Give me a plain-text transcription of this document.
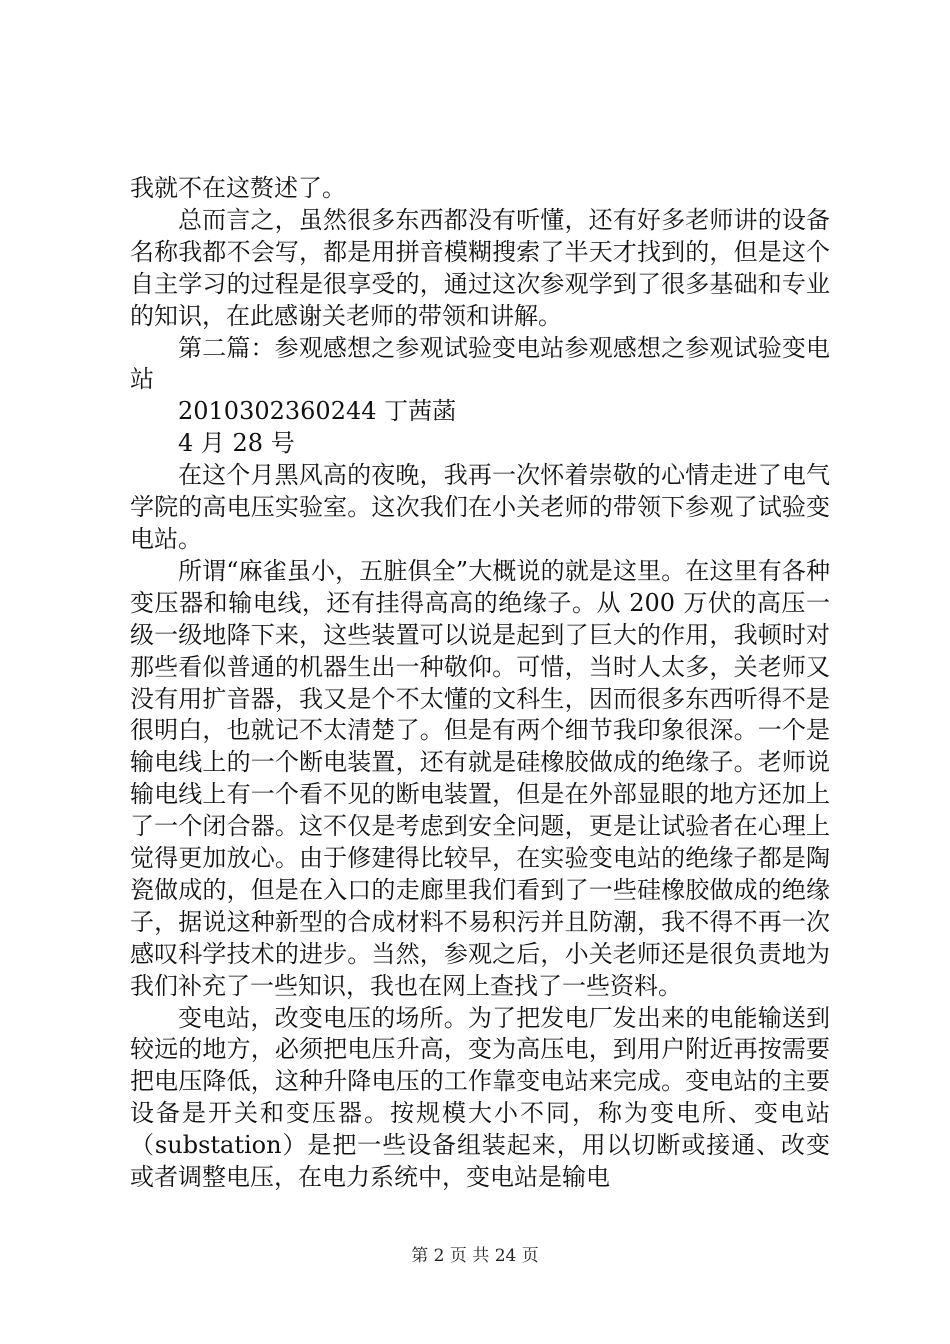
我就不在这赘述了。

总而言之，虽然很多东西都没有听懂，还有好多老师讲的设备名称我都不会写，都是用拼音模糊搜索了半天才找到的，但是这个自主学习的过程是很享受的，通过这次参观学到了很多基础和专业的知识，在此感谢关老师的带领和讲解。

第二篇：参观感想之参观试验变电站参观感想之参观试验变电站

2010302360244 丁茜菡

4 月 28 号

在这个月黑风高的夜晚，我再一次怀着崇敬的心情走进了电气学院的高电压实验室。这次我们在小关老师的带领下参观了试验变电站。

所谓“麻雀虽小，五脏俱全”大概说的就是这里。在这里有各种变压器和输电线，还有挂得高高的绝缘子。从 200 万伏的高压一级一级地降下来，这些装置可以说是起到了巨大的作用，我顿时对那些看似普通的机器生出一种敬仰。可惜，当时人太多，关老师又没有用扩音器，我又是个不太懂的文科生，因而很多东西听得不是很明白，也就记不太清楚了。但是有两个细节我印象很深。一个是输电线上的一个断电装置，还有就是硅橡胶做成的绝缘子。老师说输电线上有一个看不见的断电装置，但是在外部显眼的地方还加上了一个闭合器。这不仅是考虑到安全问题，更是让试验者在心理上觉得更加放心。由于修建得比较早，在实验变电站的绝缘子都是陶瓷做成的，但是在入口的走廊里我们看到了一些硅橡胶做成的绝缘子，据说这种新型的合成材料不易积污并且防潮，我不得不再一次感叹科学技术的进步。当然，参观之后，小关老师还是很负责地为我们补充了一些知识，我也在网上查找了一些资料。

变电站，改变电压的场所。为了把发电厂发出来的电能输送到较远的地方，必须把电压升高，变为高压电，到用户附近再按需要把电压降低，这种升降电压的工作靠变电站来完成。变电站的主要设备是开关和变压器。按规模大小不同，称为变电所、变电站（substation）是把一些设备组装起来，用以切断或接通、改变或者调整电压，在电力系统中，变电站是输电

第 2 页 共 24 页
